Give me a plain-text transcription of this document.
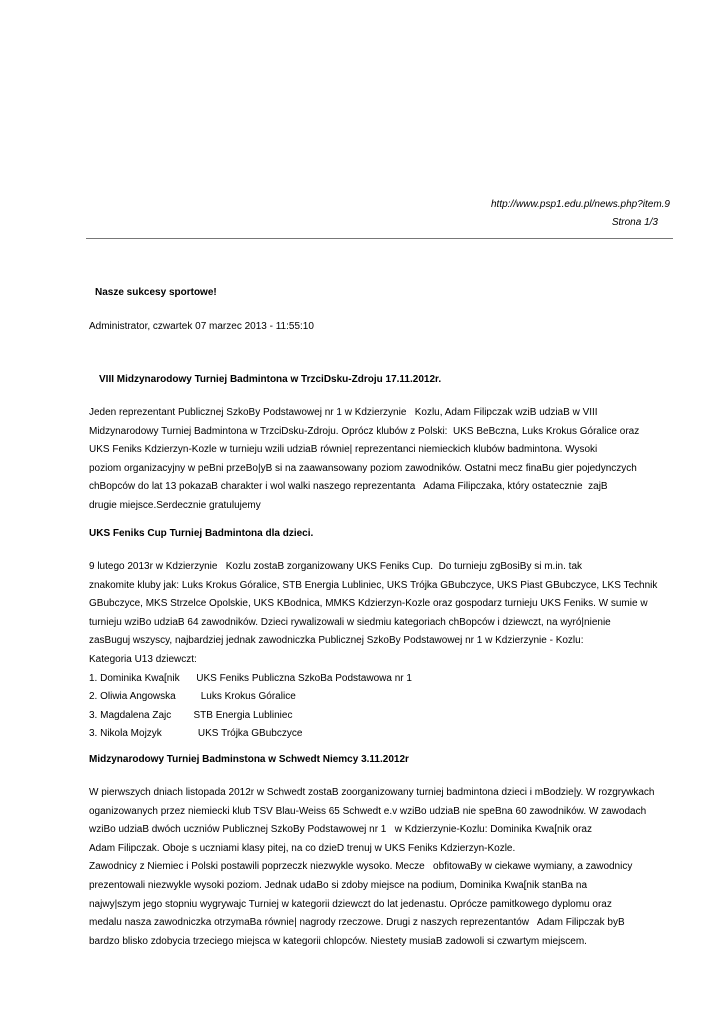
http://www.psp1.edu.pl/news.php?item.9
Strona 1/3
Nasze sukcesy sportowe!
Administrator, czwartek 07 marzec 2013 - 11:55:10
VIII Midzynarodowy Turniej Badmintona w TrzciDsku-Zdroju 17.11.2012r.
Jeden reprezentant Publicznej SzkoBy Podstawowej nr 1 w Kdzierzynie   Kozlu, Adam Filipczak wziB udziaB w VIII
Midzynarodowy Turniej Badmintona w TrzciDsku-Zdroju. Oprócz klubów z Polski:  UKS BeBczna, Luks Krokus Góralice oraz
UKS Feniks Kdzierzyn-Kozle w turnieju wzili udziaB równie| reprezentanci niemieckich klubów badmintona. Wysoki
poziom organizacyjny w peBni przeBo|yB si na zaawansowany poziom zawodników. Ostatni mecz finaBu gier pojedynczych
chBopców do lat 13 pokazaB charakter i wol walki naszego reprezentanta   Adama Filipczaka, który ostatecznie  zajB
drugie miejsce.Serdecznie gratulujemy
UKS Feniks Cup Turniej Badmintona dla dzieci.
9 lutego 2013r w Kdzierzynie   Kozlu zostaB zorganizowany UKS Feniks Cup.  Do turnieju zgBosiBy si m.in. tak
znakomite kluby jak: Luks Krokus Góralice, STB Energia Lubliniec, UKS Trójka GBubczyce, UKS Piast GBubczyce, LKS Technik
GBubczyce, MKS Strzelce Opolskie, UKS KBodnica, MMKS Kdzierzyn-Kozle oraz gospodarz turnieju UKS Feniks. W sumie w
turnieju wziBo udziaB 64 zawodników. Dzieci rywalizowali w siedmiu kategoriach chBopców i dziewczt, na wyró|nienie
zasBuguj wszyscy, najbardziej jednak zawodniczka Publicznej SzkoBy Podstawowej nr 1 w Kdzierzynie - Kozlu:
Kategoria U13 dziewczt:
1. Dominika Kwa[nik      UKS Feniks Publiczna SzkoBa Podstawowa nr 1
2. Oliwia Angowska         Luks Krokus Góralice
3. Magdalena Zajc        STB Energia Lubliniec
3. Nikola Mojzyk             UKS Trójka GBubczyce
Midzynarodowy Turniej Badminstona w Schwedt Niemcy 3.11.2012r
W pierwszych dniach listopada 2012r w Schwedt zostaB zoorganizowany turniej badmintona dzieci i mBodzie|y. W rozgrywkach
oganizowanych przez niemiecki klub TSV Blau-Weiss 65 Schwedt e.v wziBo udziaB nie speBna 60 zawodników. W zawodach
wziBo udziaB dwóch uczniów Publicznej SzkoBy Podstawowej nr 1   w Kdzierzynie-Kozlu: Dominika Kwa[nik oraz
Adam Filipczak. Oboje s uczniami klasy pitej, na co dzieD trenuj w UKS Feniks Kdzierzyn-Kozle.
Zawodnicy z Niemiec i Polski postawili poprzeczk niezwykle wysoko. Mecze   obfitowaBy w ciekawe wymiany, a zawodnicy
prezentowali niezwykle wysoki poziom. Jednak udaBo si zdoby miejsce na podium, Dominika Kwa[nik stanBa na
najwy|szym jego stopniu wygrywajc Turniej w kategorii dziewczt do lat jedenastu. Oprócze pamitkowego dyplomu oraz
medalu nasza zawodniczka otrzymaBa równie| nagrody rzeczowe. Drugi z naszych reprezentantów   Adam Filipczak byB
bardzo blisko zdobycia trzeciego miejsca w kategorii chlopców. Niestety musiaB zadowoli si czwartym miejscem.
